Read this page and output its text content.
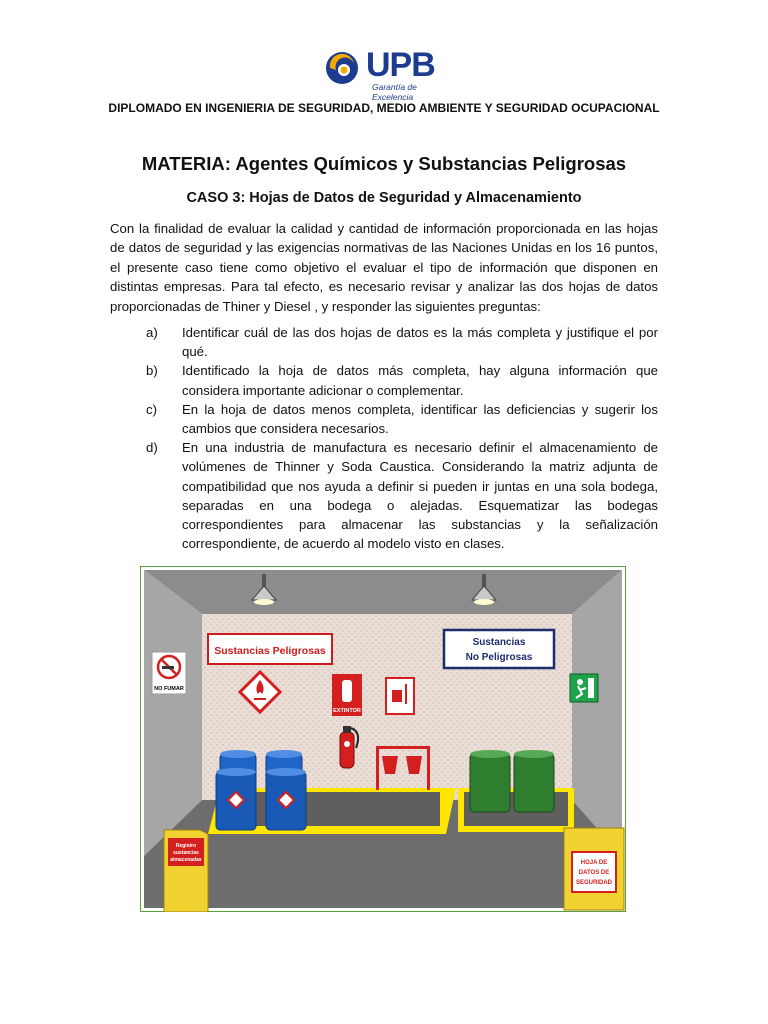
UPB
Garantía de Excelencia
DIPLOMADO EN INGENIERIA DE SEGURIDAD, MEDIO AMBIENTE Y SEGURIDAD OCUPACIONAL
MATERIA: Agentes Químicos y Substancias Peligrosas
CASO 3: Hojas de Datos de Seguridad y Almacenamiento

Con la finalidad de evaluar la calidad y cantidad de información proporcionada en las hojas de datos de seguridad y las exigencias normativas de las Naciones Unidas en los 16 puntos, el presente caso tiene como objetivo el evaluar el tipo de información que disponen en distintas empresas. Para tal efecto, es necesario revisar y analizar las dos hojas de datos proporcionadas de Thiner y Diesel , y responder las siguientes preguntas:

a)	Identificar cuál de las dos hojas de datos es la más completa y justifique el por qué.
b)	Identificado la hoja de datos más completa, hay alguna información que considera importante adicionar o complementar.
c)	En la hoja de datos menos completa, identificar las deficiencias y sugerir los cambios que considera necesarios.
d)	En una industria de manufactura es necesario definir el almacenamiento de volúmenes de Thinner y Soda Caustica. Considerando la matriz adjunta de compatibilidad que nos ayuda a definir si pueden ir juntas en una sola bodega, separadas en una bodega o alejadas. Esquematizar las bodegas correspondientes para almacenar las substancias y la señalización correspondiente, de acuerdo al modelo visto en clases.
Sustancias Peligrosas
Sustancias
No Peligrosas
NO FUMAR
EXTINTOR
Registro
sustancias
almacenadas	HOJA DE
DATOS DE
SEGURIDAD
